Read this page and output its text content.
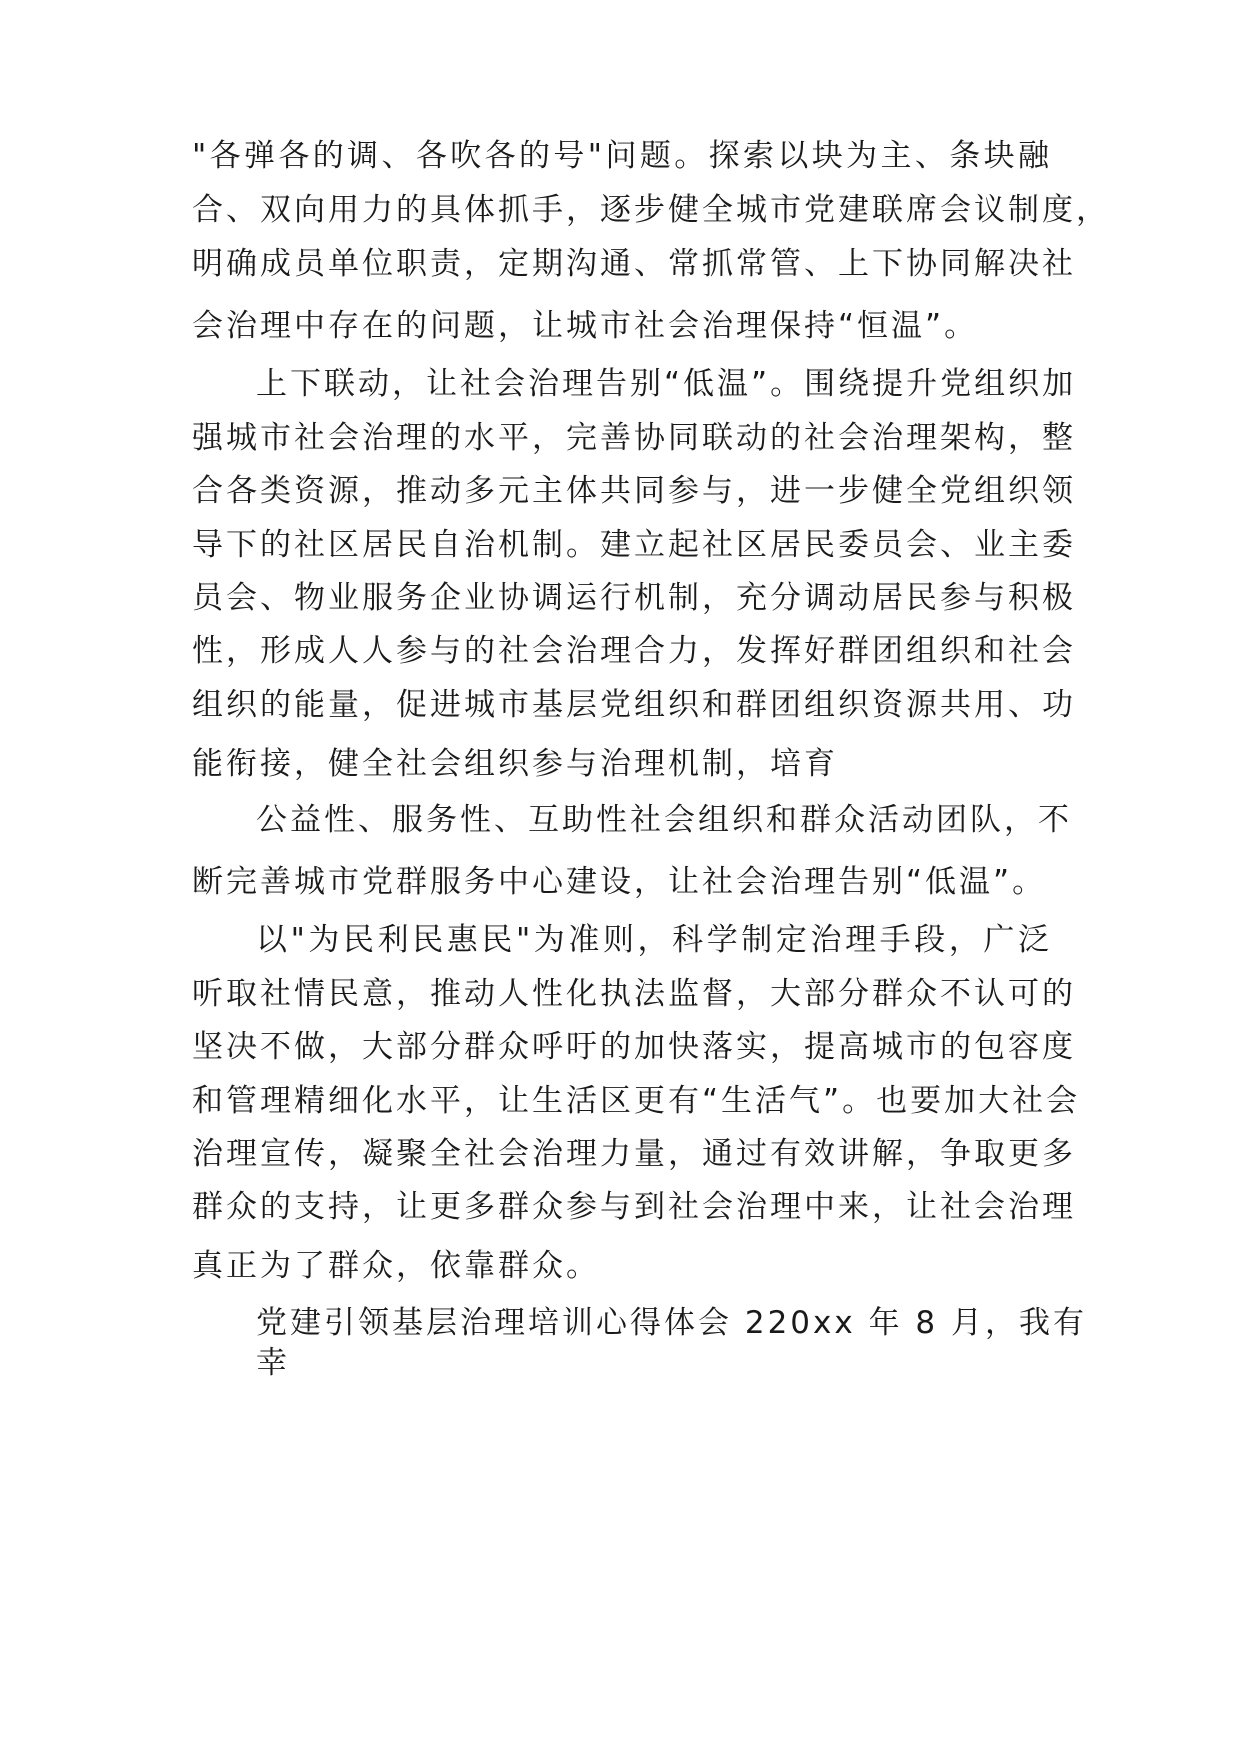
"各弹各的调、各吹各的号"问题。探索以块为主、条块融

合、双向用力的具体抓手，逐步健全城市党建联席会议制度，

明确成员单位职责，定期沟通、常抓常管、上下协同解决社

会治理中存在的问题，让城市社会治理保持“恒温”。

上下联动，让社会治理告别“低温”。围绕提升党组织加

强城市社会治理的水平，完善协同联动的社会治理架构，整

合各类资源，推动多元主体共同参与，进一步健全党组织领

导下的社区居民自治机制。建立起社区居民委员会、业主委

员会、物业服务企业协调运行机制，充分调动居民参与积极

性，形成人人参与的社会治理合力，发挥好群团组织和社会

组织的能量，促进城市基层党组织和群团组织资源共用、功

能衔接，健全社会组织参与治理机制，培育

公益性、服务性、互助性社会组织和群众活动团队，不

断完善城市党群服务中心建设，让社会治理告别“低温”。

以"为民利民惠民"为准则，科学制定治理手段，广泛

听取社情民意，推动人性化执法监督，大部分群众不认可的

坚决不做，大部分群众呼吁的加快落实，提高城市的包容度

和管理精细化水平，让生活区更有“生活气”。也要加大社会

治理宣传，凝聚全社会治理力量，通过有效讲解，争取更多

群众的支持，让更多群众参与到社会治理中来，让社会治理

真正为了群众，依靠群众。

党建引领基层治理培训心得体会 220xx 年 8 月，我有

幸
